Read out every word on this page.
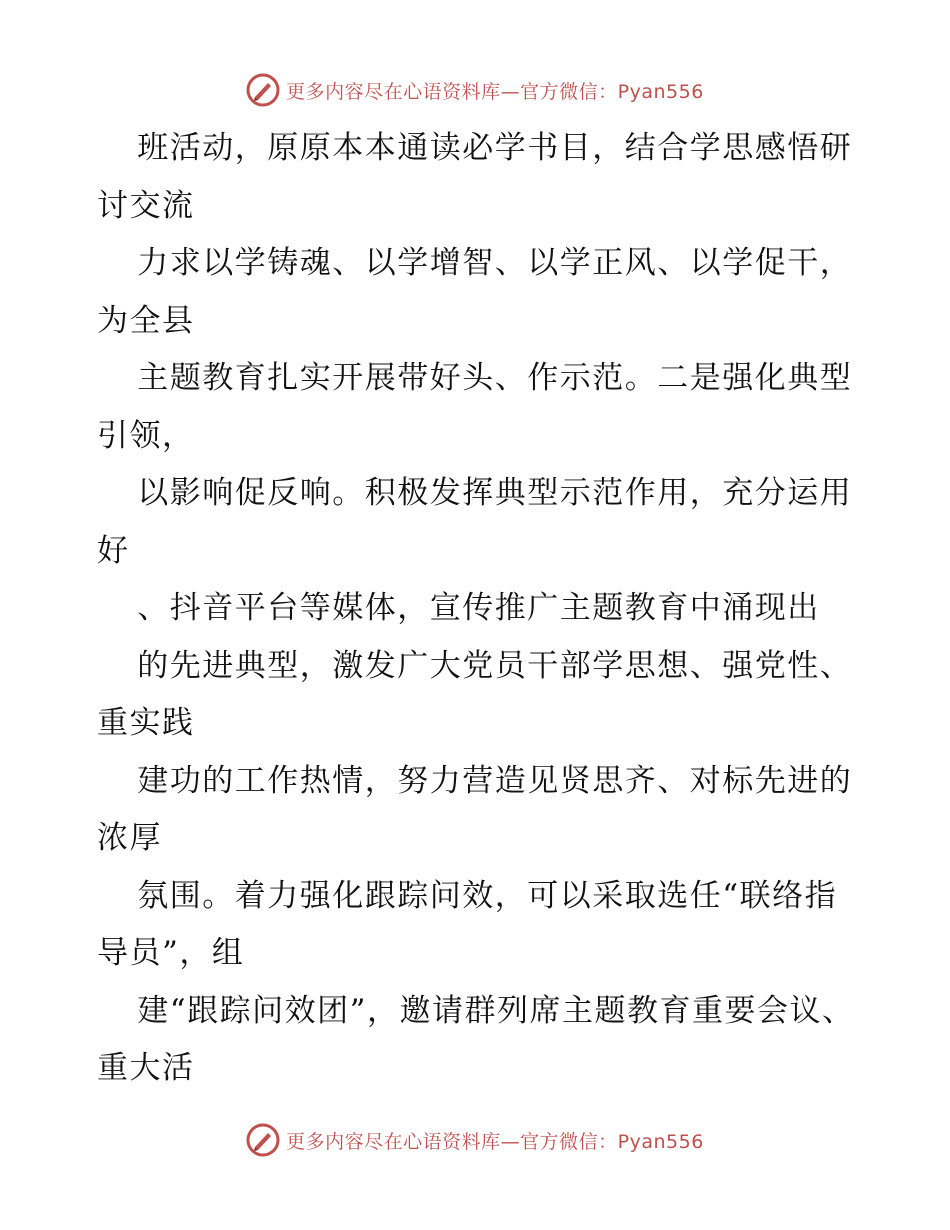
更多内容尽在心语资料库—官方微信：Pyan556

班活动，原原本本通读必学书目，结合学思感悟研讨交流

力求以学铸魂、以学增智、以学正风、以学促干，为全县

主题教育扎实开展带好头、作示范。二是强化典型引领，

以影响促反响。积极发挥典型示范作用，充分运用好

、抖音平台等媒体，宣传推广主题教育中涌现出

的先进典型，激发广大党员干部学思想、强党性、重实践

建功的工作热情，努力营造见贤思齐、对标先进的浓厚

氛围。着力强化跟踪问效，可以采取选任“联络指导员”，组

建“跟踪问效团”，邀请群列席主题教育重要会议、重大活

更多内容尽在心语资料库—官方微信：Pyan556
